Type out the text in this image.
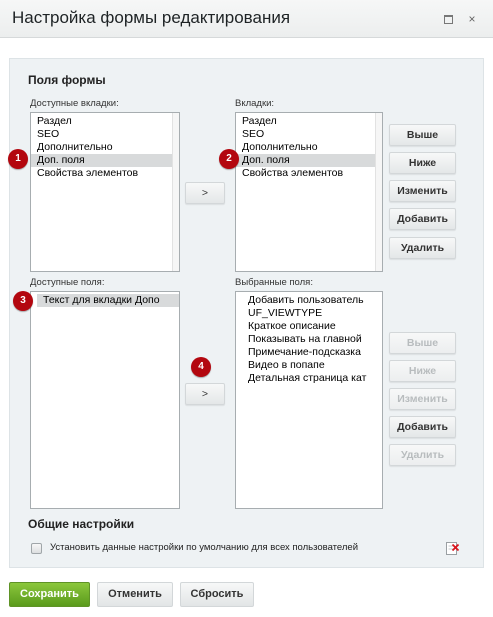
Настройка формы редактирования	×
Поля формы
Доступные вкладки:
Раздел
SEO
Дополнительно
Доп. поля
Свойства элементов
Вкладки:
Раздел
SEO
Дополнительно
Доп. поля
Свойства элементов
>
Выше
Ниже
Изменить
Добавить
Удалить
Доступные поля:
Текст для вкладки Допо
Выбранные поля:
Добавить пользователь
UF_VIEWTYPE
Краткое описание
Показывать на главной
Примечание-подсказка
Видео в попапе
Детальная страница кат
>
Выше
Ниже
Изменить
Добавить
Удалить
Общие настройки
Установить данные настройки по умолчанию для всех пользователей
1	2
3
4
Сохранить	Отменить	Сбросить
